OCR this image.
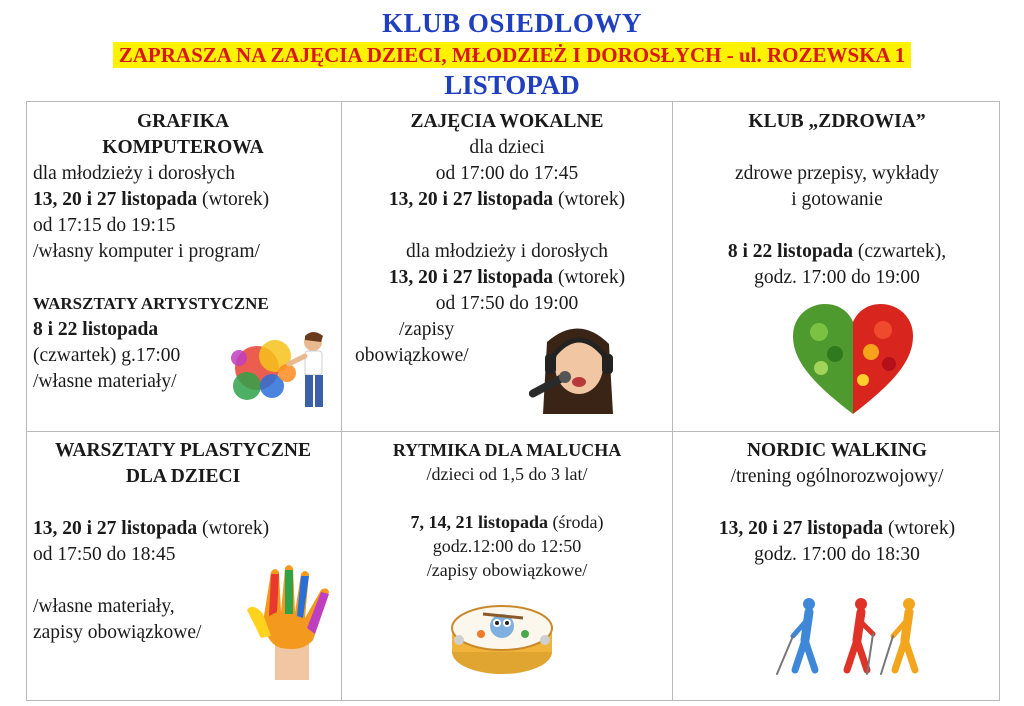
KLUB OSIEDLOWY
ZAPRASZA NA ZAJĘCIA DZIECI, MŁODZIEŻ I DOROSŁYCH - ul. ROZEWSKA 1
LISTOPAD
GRAFIKA
KOMPUTEROWA
dla młodzieży i dorosłych
13, 20 i 27 listopada (wtorek)
od 17:15 do 19:15
/własny komputer i program/
WARSZTATY ARTYSTYCZNE
8 i 22 listopada
(czwartek) g.17:00
/własne materiały/
ZAJĘCIA WOKALNE
dla dzieci
od 17:00 do 17:45
13, 20 i 27 listopada (wtorek)
dla młodzieży i dorosłych
13, 20 i 27 listopada (wtorek)
od 17:50 do 19:00
/zapisy
obowiązkowe/
KLUB „ZDROWIA”
zdrowe przepisy, wykłady
i gotowanie
8 i 22 listopada (czwartek),
godz. 17:00 do 19:00
WARSZTATY PLASTYCZNE
DLA DZIECI
13, 20 i 27 listopada (wtorek)
od 17:50 do 18:45
/własne materiały,
zapisy obowiązkowe/
RYTMIKA DLA MALUCHA
/dzieci od 1,5 do 3 lat/
7, 14, 21 listopada (środa)
godz.12:00 do 12:50
/zapisy obowiązkowe/
NORDIC WALKING
/trening ogólnorozwojowy/
13, 20 i 27 listopada (wtorek)
godz. 17:00 do 18:30
